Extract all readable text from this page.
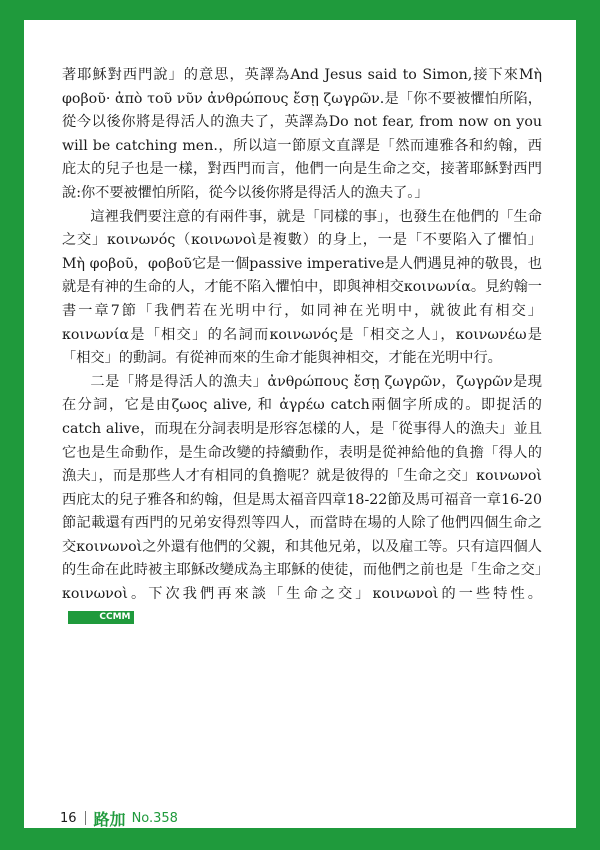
著耶穌對西門說」的意思，英譯為And Jesus said to Simon,接下來Μὴ φοβοῦ· ἀπὸ τοῦ νῦν ἀνθρώπους ἔσῃ ζωγρῶν.是「你不要被懼怕所陷，從今以後你將是得活人的漁夫了，英譯為Do not fear, from now on you will be catching men.，所以這一節原文直譯是「然而連雅各和約翰，西庇太的兒子也是一樣，對西門而言，他們一向是生命之交，接著耶穌對西門說:你不要被懼怕所陷，從今以後你將是得活人的漁夫了。」

這裡我們要注意的有兩件事，就是「同樣的事」，也發生在他們的「生命之交」κοινωνός（κοινωνοὶ是複數）的身上，一是「不要陷入了懼怕」Μὴ φοβοῦ，φοβοῦ它是一個passive imperative是人們遇見神的敬畏，也就是有神的生命的人，才能不陷入懼怕中，即與神相交κοινωνία。見約翰一書一章7節「我們若在光明中行，如同神在光明中，就彼此有相交」κοινωνία是「相交」的名詞而κοινωνός是「相交之人」，κοινωνέω是「相交」的動詞。有從神而來的生命才能與神相交，才能在光明中行。

二是「將是得活人的漁夫」ἀνθρώπους ἔσῃ ζωγρῶν，ζωγρῶν是現在分詞，它是由ζωος alive, 和 ἀγρέω catch兩個字所成的。即捉活的catch alive，而現在分詞表明是形容怎樣的人，是「從事得人的漁夫」並且它也是生命動作，是生命改變的持續動作，表明是從神給他的負擔「得人的漁夫」，而是那些人才有相同的負擔呢？就是彼得的「生命之交」κοινωνοὶ西庇太的兒子雅各和約翰，但是馬太福音四章18-22節及馬可福音一章16-20節記載還有西門的兄弟安得烈等四人，而當時在場的人除了他們四個生命之交κοινωνοὶ之外還有他們的父親，和其他兄弟，以及雇工等。只有這四個人的生命在此時被主耶穌改變成為主耶穌的使徒，而他們之前也是「生命之交」κοινωνοὶ。下次我們再來談「生命之交」κοινωνοὶ的一些特性。CCMM

16 路加 No.358
